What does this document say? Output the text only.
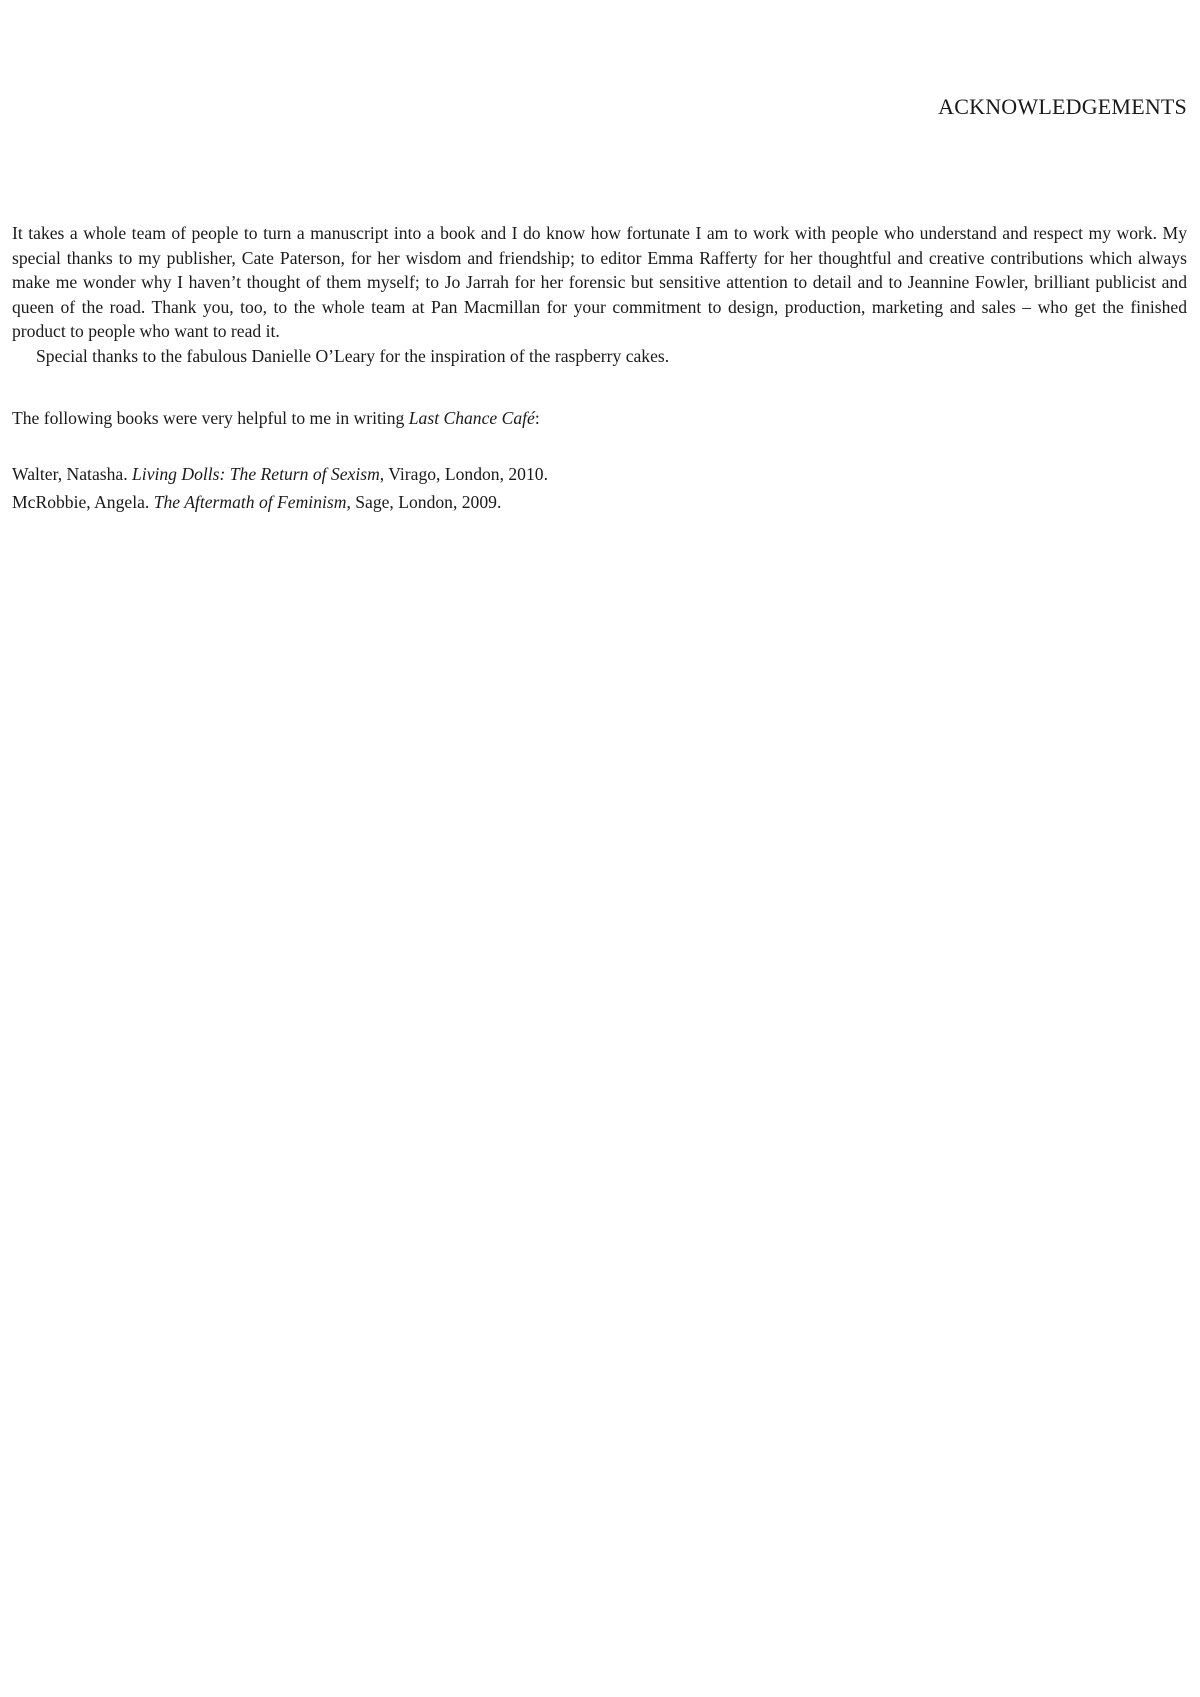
ACKNOWLEDGEMENTS

It takes a whole team of people to turn a manuscript into a book and I do know how fortunate I am to work with people who understand and respect my work. My special thanks to my publisher, Cate Paterson, for her wisdom and friendship; to editor Emma Rafferty for her thoughtful and creative contributions which always make me wonder why I haven’t thought of them myself; to Jo Jarrah for her forensic but sensitive attention to detail and to Jeannine Fowler, brilliant publicist and queen of the road. Thank you, too, to the whole team at Pan Macmillan for your commitment to design, production, marketing and sales – who get the finished product to people who want to read it.

Special thanks to the fabulous Danielle O’Leary for the inspiration of the raspberry cakes.

The following books were very helpful to me in writing Last Chance Café:

Walter, Natasha. Living Dolls: The Return of Sexism, Virago, London, 2010.
McRobbie, Angela. The Aftermath of Feminism, Sage, London, 2009.
